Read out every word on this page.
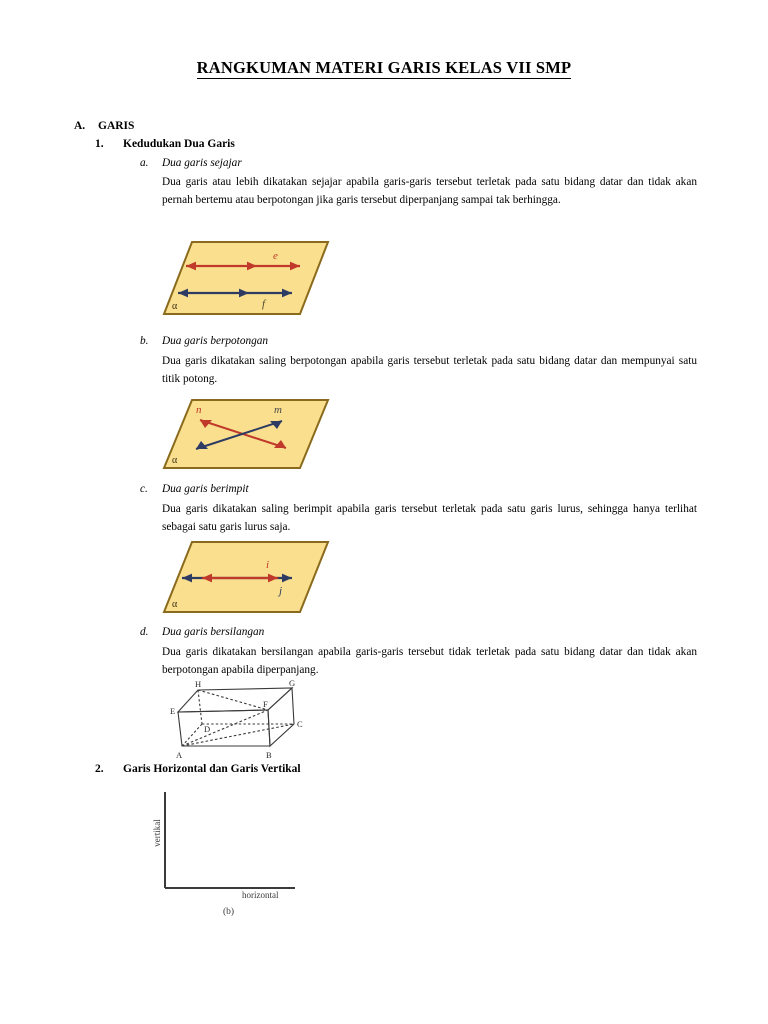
RANGKUMAN MATERI GARIS KELAS VII SMP
A. GARIS
1. Kedudukan Dua Garis
a.	Dua garis sejajar
Dua garis atau lebih dikatakan sejajar apabila garis-garis tersebut terletak pada satu bidang datar dan tidak akan pernah bertemu atau berpotongan jika garis tersebut diperpanjang sampai tak berhingga.
e
f
α
b.	Dua garis berpotongan
Dua garis dikatakan saling berpotongan apabila garis tersebut terletak pada satu bidang datar dan mempunyai satu titik potong.
n	m
α
c.	Dua garis berimpit
Dua garis dikatakan saling berimpit apabila garis tersebut terletak pada satu garis lurus, sehingga hanya terlihat sebagai satu garis lurus saja.
i
j
α
d.	Dua garis bersilangan
Dua garis dikatakan bersilangan apabila garis-garis tersebut tidak terletak pada satu bidang datar dan tidak akan berpotongan apabila diperpanjang.
H	G
E
F
C
D
A	B
2. Garis Horizontal dan Garis Vertikal
vertikal
horizontal
(b)
